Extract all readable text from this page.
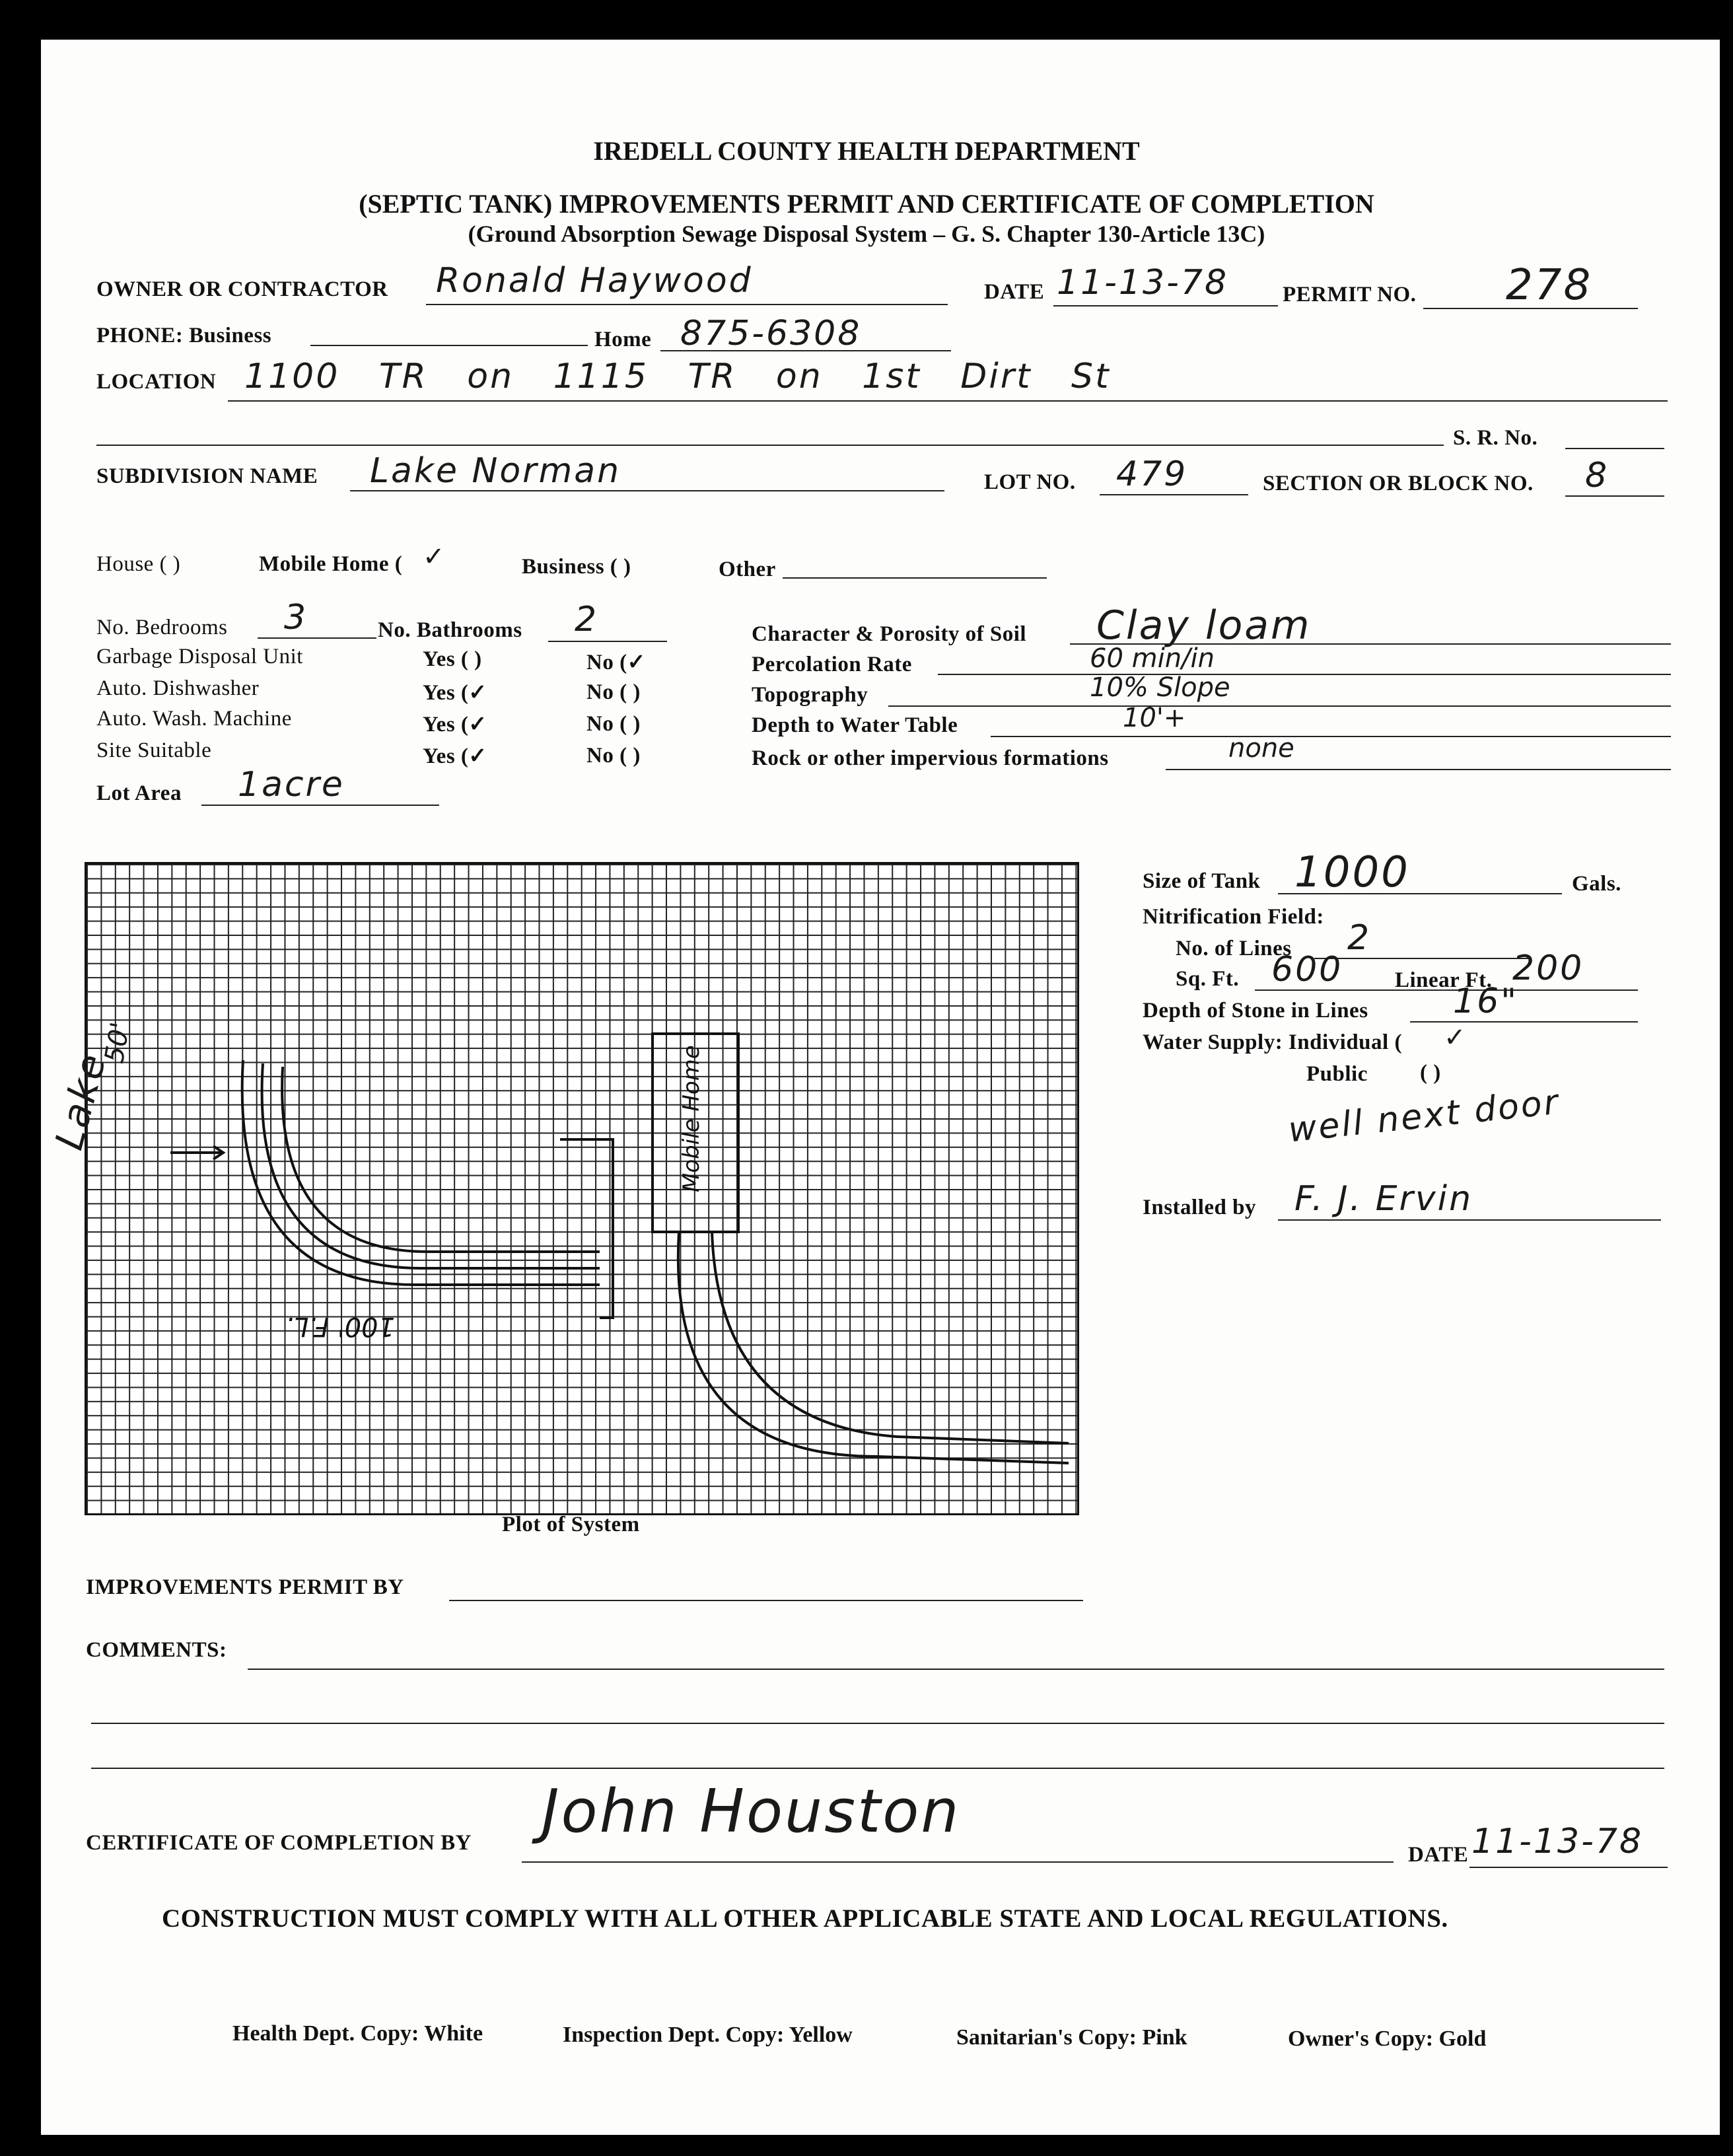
IREDELL COUNTY HEALTH DEPARTMENT
(SEPTIC TANK) IMPROVEMENTS PERMIT AND CERTIFICATE OF COMPLETION
(Ground Absorption Sewage Disposal System – G. S. Chapter 130-Article 13C)
OWNER OR CONTRACTOR Ronald Haywood	DATE 11-13-78 PERMIT NO. 278
PHONE: Business	Home 875-6308
LOCATION 1100 TR on 1115 TR on 1st Dirt St
S. R. No.
SUBDIVISION NAME Lake Norman	LOT NO. 479	SECTION OR BLOCK NO. 8
House ( )	Mobile Home ( ✓	Business ( )	Other
No. Bedrooms 3	No. Bathrooms 2
Garbage Disposal Unit	Yes ( )	No (✓
Auto. Dishwasher	Yes (✓	No ( )
Auto. Wash. Machine	Yes (✓	No ( )
Site Suitable	Yes (✓	No ( )
Lot Area 1acre
Character & Porosity of Soil Clay loam
Percolation Rate	60 min/in
Topography	10% Slope
Depth to Water Table	10'+
Rock or other impervious formations	none
Mobile Home
100' F.L.
Lake
50'
Plot of System
Size of Tank 1000	Gals.
Nitrification Field:
No. of Lines 2
Sq. Ft. 600 Linear Ft. 200
Depth of Stone in Lines 16"
Water Supply: Individual ( ✓
Public ( )
well next door
Installed by F. J. Ervin
IMPROVEMENTS PERMIT BY
COMMENTS:
CERTIFICATE OF COMPLETION BY John Houston
DATE 11-13-78
CONSTRUCTION MUST COMPLY WITH ALL OTHER APPLICABLE STATE AND LOCAL REGULATIONS.
Health Dept. Copy: White	Inspection Dept. Copy: Yellow	Sanitarian's Copy: Pink	Owner's Copy: Gold
